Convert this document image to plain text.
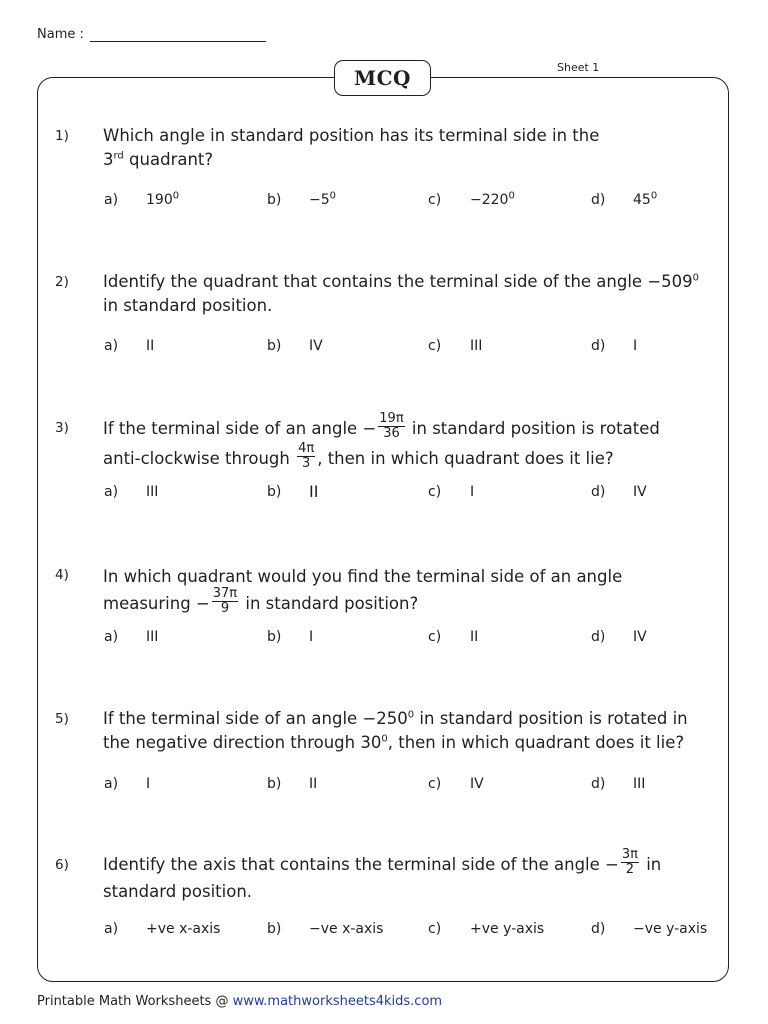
Name :
Sheet 1
MCQ
1) Which angle in standard position has its terminal side in the
3rd quadrant?
a) $190^0$	$b) -5^0$	$c) -220^0$	d) $45^0$
2) Identify the quadrant that contains the terminal side of the angle $-509^0$
in standard position.
a) II	b) IV	c) III	d) I
3) If the terminal side of an angle − $\frac{19\pi}{36}$ in standard position is rotated
anti-clockwise through $\frac{4\pi}{3}$ , then in which quadrant does it lie?
a) III	b) II	c) I	d) IV
4) In which quadrant would you find the terminal side of an angle
measuring − $\frac{37\pi}{9}$ in standard position?
a) III	b) I	c) II	d) IV
5) If the terminal side of an angle $-250^0$ in standard position is rotated in
the negative direction through $30^0$, then in which quadrant does it lie?
a) I	b) II	c) IV	d) III
6) Identify the axis that contains the terminal side of the angle − $\frac{3\pi}{2}$ in
standard position.
a) +ve x-axis	b) −ve x-axis	c) +ve y-axis	d) −ve y-axis
Printable Math Worksheets @ www.mathworksheets4kids.com
